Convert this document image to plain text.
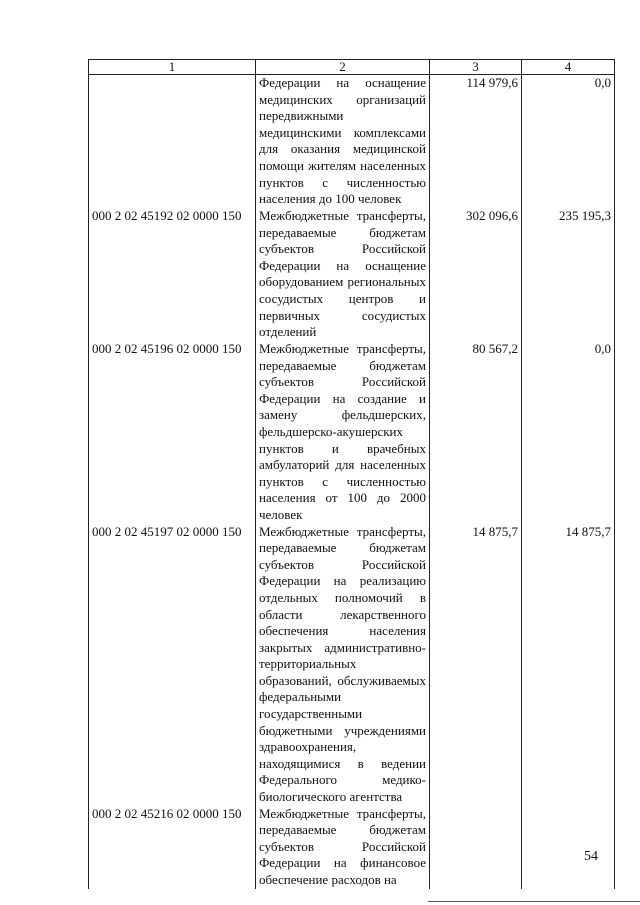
1	2	3	4
	Федерации на оснащение медицинских организаций передвижными медицинскими комплексами для оказания медицинской помощи жителям населенных пунктов с численностью населения до 100 человек	114 979,6	0,0
000 2 02 45192 02 0000 150	Межбюджетные трансферты, передаваемые бюджетам субъектов Российской Федерации на оснащение оборудованием региональных сосудистых центров и первичных сосудистых отделений	302 096,6	235 195,3
000 2 02 45196 02 0000 150	Межбюджетные трансферты, передаваемые бюджетам субъектов Российской Федерации на создание и замену фельдшерских, фельдшерско-акушерских пунктов и врачебных амбулаторий для населенных пунктов с численностью населения от 100 до 2000 человек	80 567,2	0,0
000 2 02 45197 02 0000 150	Межбюджетные трансферты, передаваемые бюджетам субъектов Российской Федерации на реализацию отдельных полномочий в области лекарственного обеспечения населения закрытых административно-территориальных образований, обслуживаемых федеральными государственными бюджетными учреждениями здравоохранения, находящимися в ведении Федерального медико-биологического агентства	14 875,7	14 875,7
000 2 02 45216 02 0000 150	Межбюджетные трансферты, передаваемые бюджетам субъектов Российской Федерации на финансовое обеспечение расходов на		
54
